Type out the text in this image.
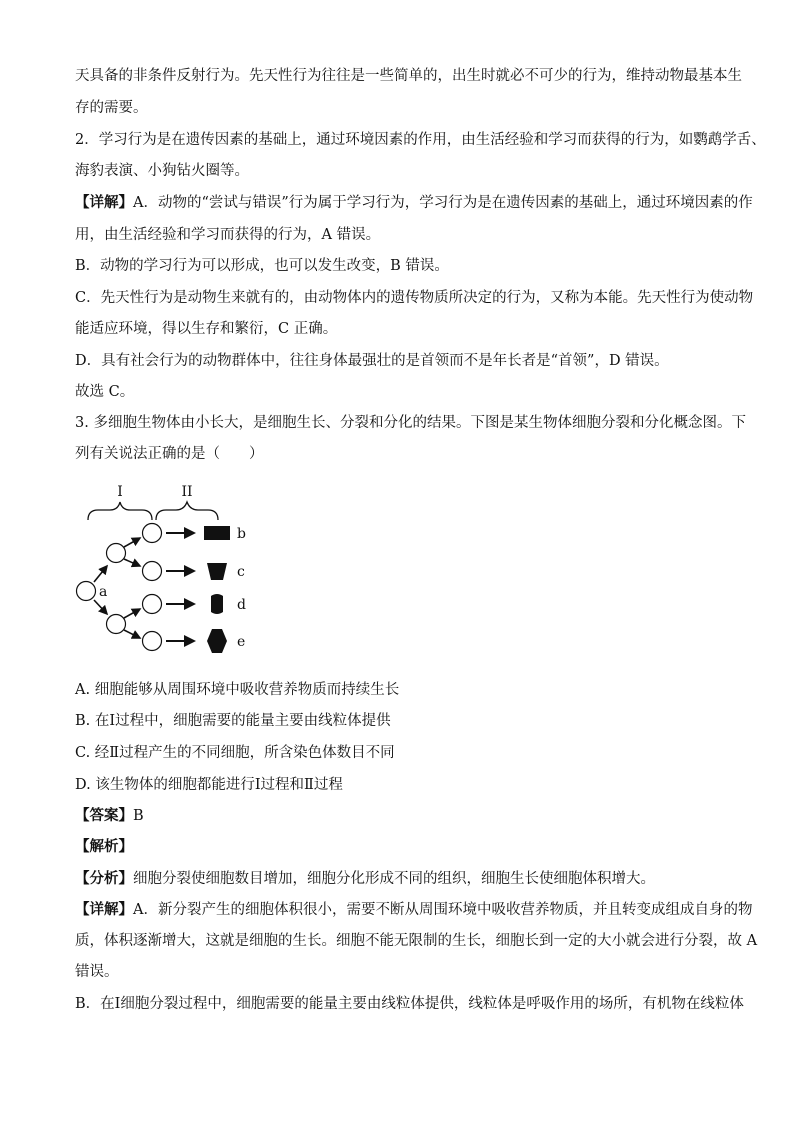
天具备的非条件反射行为。先天性行为往往是一些简单的，出生时就必不可少的行为，维持动物最基本生
存的需要。
2．学习行为是在遗传因素的基础上，通过环境因素的作用，由生活经验和学习而获得的行为，如鹦鹉学舌、
海豹表演、小狗钻火圈等。
【详解】A．动物的“尝试与错误”行为属于学习行为，学习行为是在遗传因素的基础上，通过环境因素的作
用，由生活经验和学习而获得的行为，A 错误。
B．动物的学习行为可以形成，也可以发生改变，B 错误。
C．先天性行为是动物生来就有的，由动物体内的遗传物质所决定的行为，又称为本能。先天性行为使动物
能适应环境，得以生存和繁衍，C 正确。
D．具有社会行为的动物群体中，往往身体最强壮的是首领而不是年长者是“首领”，D 错误。
故选 C。
3. 多细胞生物体由小长大，是细胞生长、分裂和分化的结果。下图是某生物体细胞分裂和分化概念图。下
列有关说法正确的是（　　）
I	II
a
b
c
d
e
A. 细胞能够从周围环境中吸收营养物质而持续生长
B. 在Ⅰ过程中，细胞需要的能量主要由线粒体提供
C. 经Ⅱ过程产生的不同细胞，所含染色体数目不同
D. 该生物体的细胞都能进行Ⅰ过程和Ⅱ过程
【答案】B
【解析】
【分析】细胞分裂使细胞数目增加，细胞分化形成不同的组织，细胞生长使细胞体积增大。
【详解】A．新分裂产生的细胞体积很小，需要不断从周围环境中吸收营养物质，并且转变成组成自身的物
质，体积逐渐增大，这就是细胞的生长。细胞不能无限制的生长，细胞长到一定的大小就会进行分裂，故 A
错误。
B．在Ⅰ细胞分裂过程中，细胞需要的能量主要由线粒体提供，线粒体是呼吸作用的场所，有机物在线粒体
